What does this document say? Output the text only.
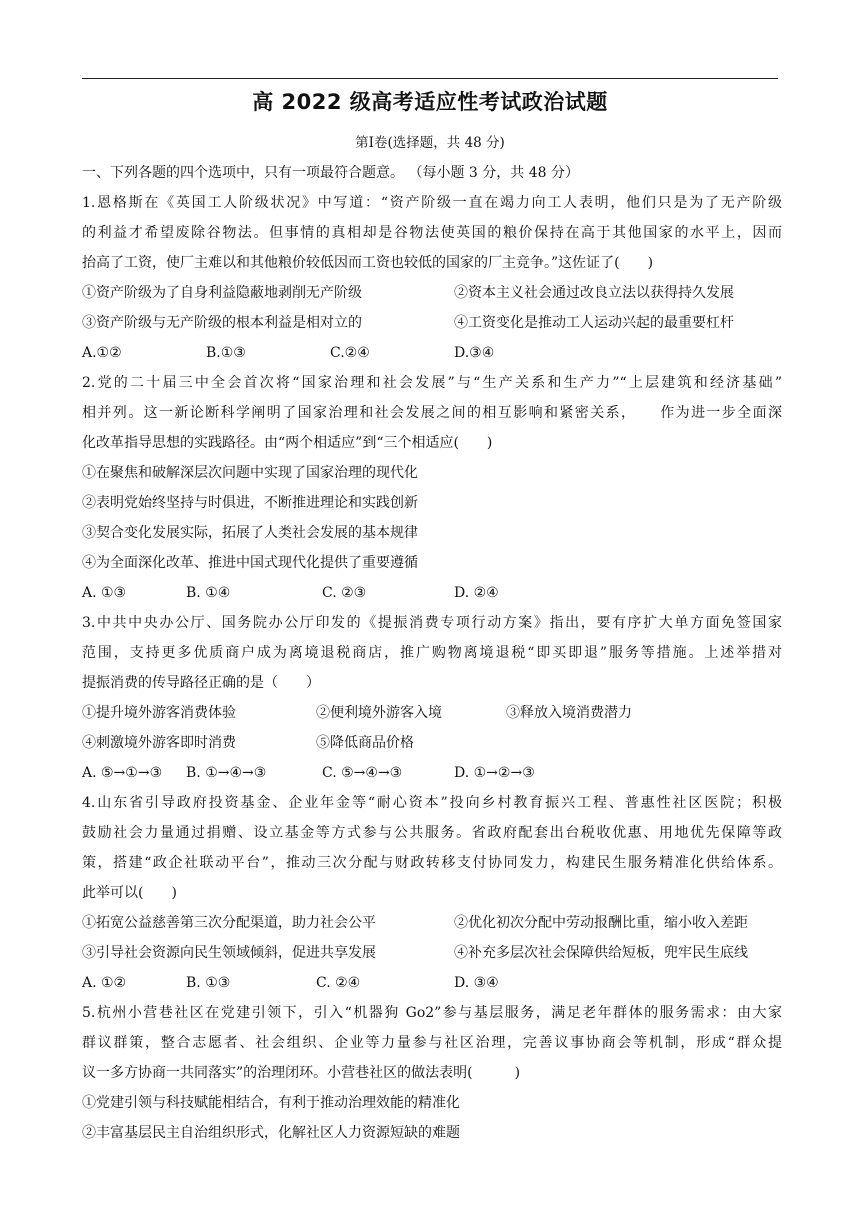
高 2022 级高考适应性考试政治试题
第Ⅰ卷(选择题，共 48 分)
一、下列各题的四个选项中，只有一项最符合题意。 （每小题 3 分，共 48 分）
1.恩格斯在《英国工人阶级状况》中写道：“资产阶级一直在竭力向工人表明，他们只是为了无产阶级
的利益才希望废除谷物法。但事情的真相却是谷物法使英国的粮价保持在高于其他国家的水平上，因而
抬高了工资，使厂主难以和其他粮价较低因而工资也较低的国家的厂主竞争。”这佐证了(　　)
①资产阶级为了自身利益隐蔽地剥削无产阶级	②资本主义社会通过改良立法以获得持久发展
③资产阶级与无产阶级的根本利益是相对立的	④工资变化是推动工人运动兴起的最重要杠杆
A.①②	B.①③	C.②④	D.③④
2.党的二十届三中全会首次将“国家治理和社会发展”与“生产关系和生产力”“上层建筑和经济基础”
相并列。这一新论断科学阐明了国家治理和社会发展之间的相互影响和紧密关系，　　作为进一步全面深
化改革指导思想的实践路径。由“两个相适应”到“三个相适应(　　)
①在聚焦和破解深层次问题中实现了国家治理的现代化
②表明党始终坚持与时俱进，不断推进理论和实践创新
③契合变化发展实际，拓展了人类社会发展的基本规律
④为全面深化改革、推进中国式现代化提供了重要遵循
A. ①③	B. ①④	C. ②③	D. ②④
3.中共中央办公厅、国务院办公厅印发的《提振消费专项行动方案》指出，要有序扩大单方面免签国家
范围，支持更多优质商户成为离境退税商店，推广购物离境退税“即买即退”服务等措施。上述举措对
提振消费的传导路径正确的是（　　）
①提升境外游客消费体验	②便利境外游客入境	③释放入境消费潜力
④刺激境外游客即时消费	⑤降低商品价格
A. ⑤→①→③ B. ①→④→③	C. ⑤→④→③	D. ①→②→③
4.山东省引导政府投资基金、企业年金等“耐心资本”投向乡村教育振兴工程、普惠性社区医院；积极
鼓励社会力量通过捐赠、设立基金等方式参与公共服务。省政府配套出台税收优惠、用地优先保障等政
策，搭建“政企社联动平台”，推动三次分配与财政转移支付协同发力，构建民生服务精准化供给体系。
此举可以(　　)
①拓宽公益慈善第三次分配渠道，助力社会公平	②优化初次分配中劳动报酬比重，缩小收入差距
③引导社会资源向民生领域倾斜，促进共享发展	④补充多层次社会保障供给短板，兜牢民生底线
A. ①②	B. ①③	C. ②④	D. ③④
5.杭州小营巷社区在党建引领下，引入“机器狗 Go2”参与基层服务，满足老年群体的服务需求：由大家
群议群策，整合志愿者、社会组织、企业等力量参与社区治理，完善议事协商会等机制，形成“群众提
议一多方协商一共同落实”的治理闭环。小营巷社区的做法表明(　　　)
①党建引领与科技赋能相结合，有利于推动治理效能的精准化
②丰富基层民主自治组织形式，化解社区人力资源短缺的难题
